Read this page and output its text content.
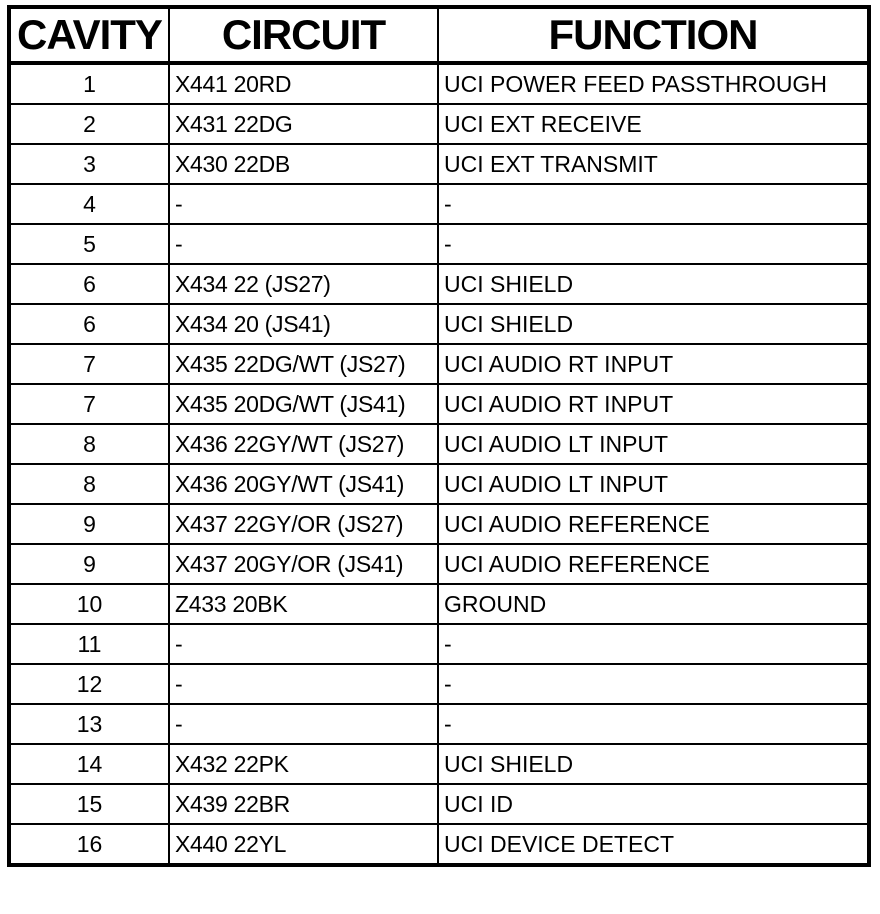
CAVITY	CIRCUIT	FUNCTION
1	X441 20RD	UCI POWER FEED PASSTHROUGH
2	X431 22DG	UCI EXT RECEIVE
3	X430 22DB	UCI EXT TRANSMIT
4	-	-
5	-	-
6	X434 22 (JS27)	UCI SHIELD
6	X434 20 (JS41)	UCI SHIELD
7	X435 22DG/WT (JS27)	UCI AUDIO RT INPUT
7	X435 20DG/WT (JS41)	UCI AUDIO RT INPUT
8	X436 22GY/WT (JS27)	UCI AUDIO LT INPUT
8	X436 20GY/WT (JS41)	UCI AUDIO LT INPUT
9	X437 22GY/OR (JS27)	UCI AUDIO REFERENCE
9	X437 20GY/OR (JS41)	UCI AUDIO REFERENCE
10	Z433 20BK	GROUND
11	-	-
12	-	-
13	-	-
14	X432 22PK	UCI SHIELD
15	X439 22BR	UCI ID
16	X440 22YL	UCI DEVICE DETECT
